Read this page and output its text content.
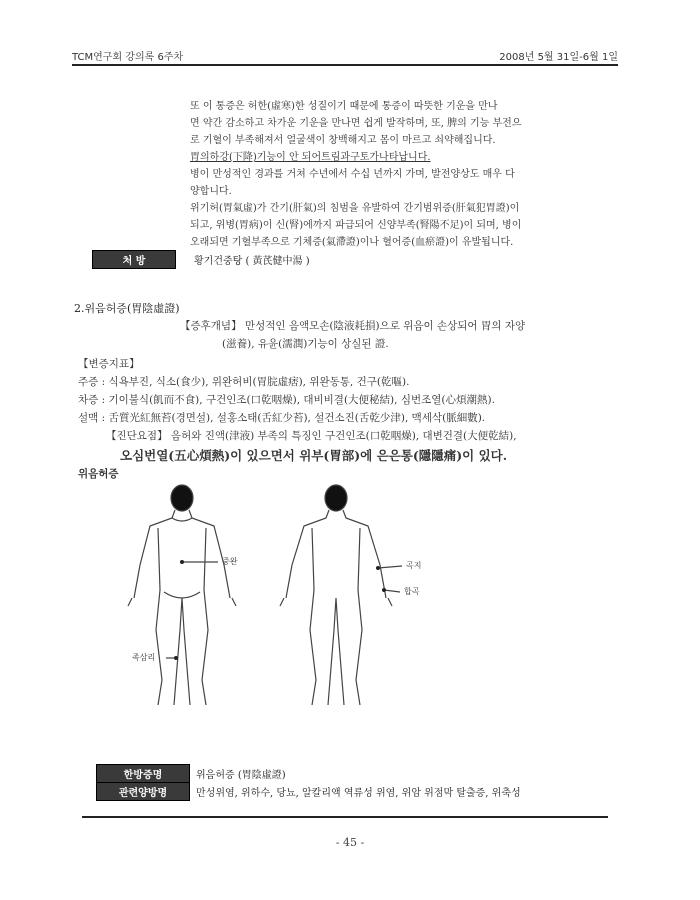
TCM연구회 강의록 6주차	2008년 5월 31일-6월 1일

또 이 통증은 허한(虛寒)한 성질이기 때문에 통증이 따뜻한 기운을 만나

면 약간 감소하고 차가운 기운을 만나면 쉽게 발작하며, 또, 脾의 기능 부전으

로 기혈이 부족해져서 얼굴색이 창백해지고 몸이 마르고 쇠약해집니다.

胃의하강(下降)기능이 안 되어트림과구토가나타납니다.

병이 만성적인 경과를 거쳐 수년에서 수십 년까지 가며, 발전양상도 매우 다

양합니다.

위기허(胃氣虛)가 간기(肝氣)의 침범을 유발하여 간기범위증(肝氣犯胃證)이

되고, 위병(胃病)이 신(腎)에까지 파급되어 신양부족(腎陽不足)이 되며, 병이

오래되면 기혈부족으로 기체증(氣滯證)이나 혈어증(血瘀證)이 유발됩니다.

처 방	황기건중탕 ( 黃芪健中湯 )
2.위음허증(胃陰虛證)
【증후개념】 만성적인 음액모손(陰液耗損)으로 위음이 손상되어 胃의 자양
(滋養), 유윤(濡潤)기능이 상실된 證.
【변증지표】
주증 : 식욕부진, 식소(食少), 위완허비(胃脘虛痞), 위완동통, 건구(乾嘔).
차증 : 기이불식(飢而不食), 구건인조(口乾咽燥), 대비비결(大便秘結), 심번조열(心煩潮熱).
설맥 : 舌質光紅無苔(경면설), 설홍소태(舌紅少苔), 설건소진(舌乾少津), 맥세삭(脈細數).
【진단요점】 음허와 진액(津液) 부족의 특징인 구건인조(口乾咽燥), 대변건결(大便乾結),
오심번열(五心煩熱)이 있으면서 위부(胃部)에 은은통(隱隱痛)이 있다.
위음허증
중완	곡지
합곡
족삼리
한방증명	위음허증 (胃陰虛證)
관련양방명	만성위염, 위하수, 당뇨, 알칼리액 역류성 위염, 위암 위점막 탈출증, 위축성
- 45 -
